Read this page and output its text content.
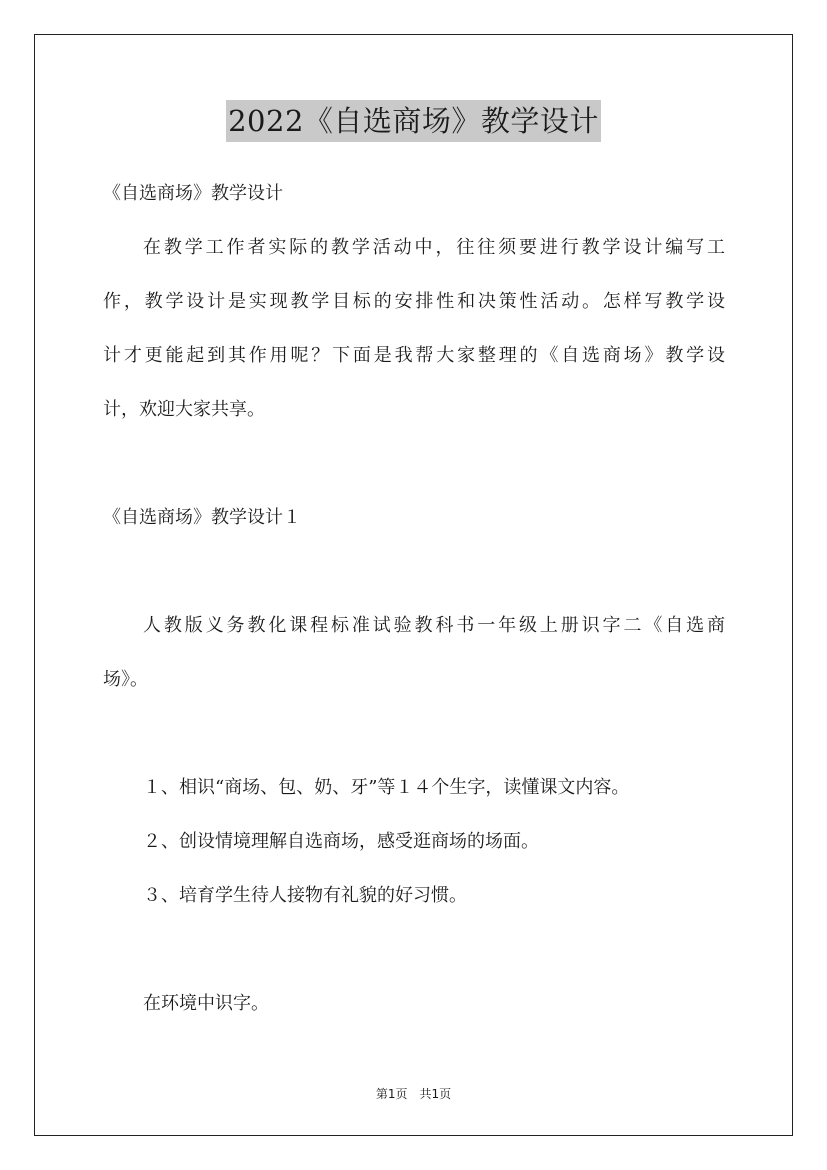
2022《自选商场》教学设计
《自选商场》教学设计
在教学工作者实际的教学活动中，往往须要进行教学设计编写工
作，教学设计是实现教学目标的安排性和决策性活动。怎样写教学设
计才更能起到其作用呢？下面是我帮大家整理的《自选商场》教学设
计，欢迎大家共享。
《自选商场》教学设计１
人教版义务教化课程标准试验教科书一年级上册识字二《自选商
场》。
１、相识“商场、包、奶、牙”等１４个生字，读懂课文内容。
２、创设情境理解自选商场，感受逛商场的场面。
３、培育学生待人接物有礼貌的好习惯。
在环境中识字。
第1页　共1页
